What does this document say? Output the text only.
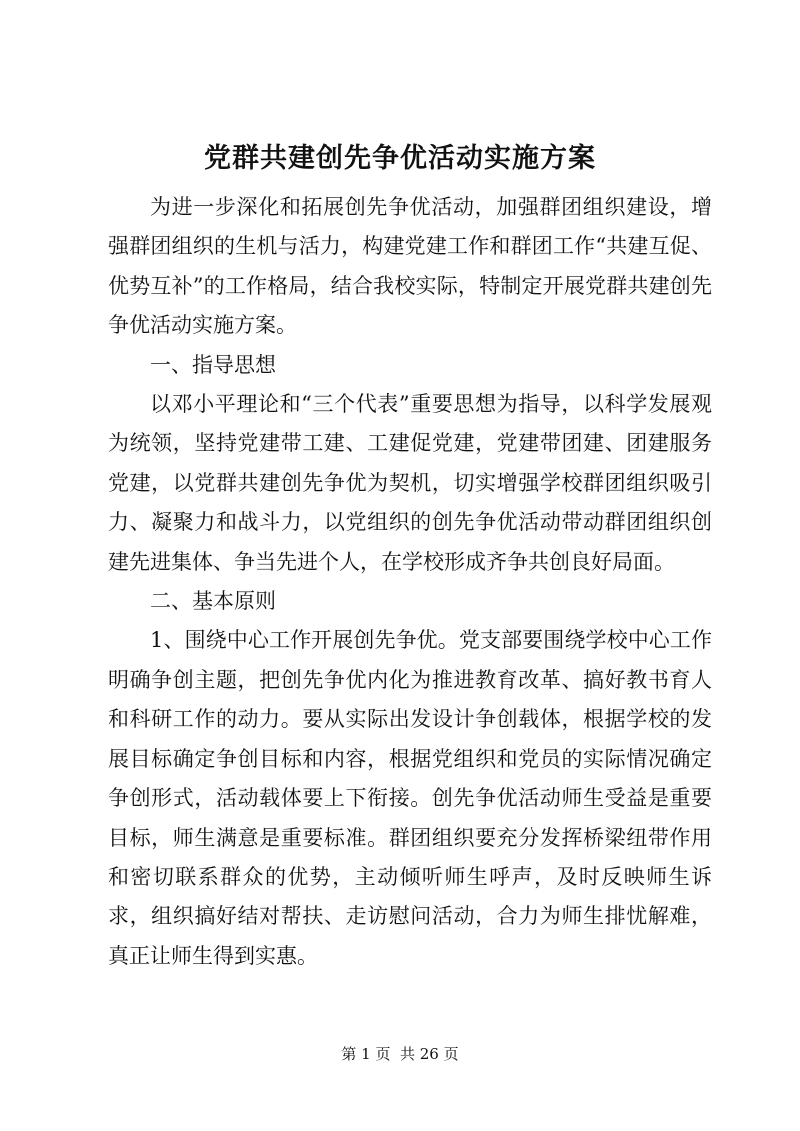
党群共建创先争优活动实施方案

为进一步深化和拓展创先争优活动，加强群团组织建设，增强群团组织的生机与活力，构建党建工作和群团工作“共建互促、优势互补”的工作格局，结合我校实际，特制定开展党群共建创先争优活动实施方案。

一、指导思想

以邓小平理论和“三个代表”重要思想为指导，以科学发展观为统领，坚持党建带工建、工建促党建，党建带团建、团建服务党建，以党群共建创先争优为契机，切实增强学校群团组织吸引力、凝聚力和战斗力，以党组织的创先争优活动带动群团组织创建先进集体、争当先进个人，在学校形成齐争共创良好局面。

二、基本原则

1、围绕中心工作开展创先争优。党支部要围绕学校中心工作明确争创主题，把创先争优内化为推进教育改革、搞好教书育人和科研工作的动力。要从实际出发设计争创载体，根据学校的发展目标确定争创目标和内容，根据党组织和党员的实际情况确定争创形式，活动载体要上下衔接。创先争优活动师生受益是重要目标，师生满意是重要标准。群团组织要充分发挥桥梁纽带作用和密切联系群众的优势，主动倾听师生呼声，及时反映师生诉求，组织搞好结对帮扶、走访慰问活动，合力为师生排忧解难，真正让师生得到实惠。

第 1 页  共 26 页
